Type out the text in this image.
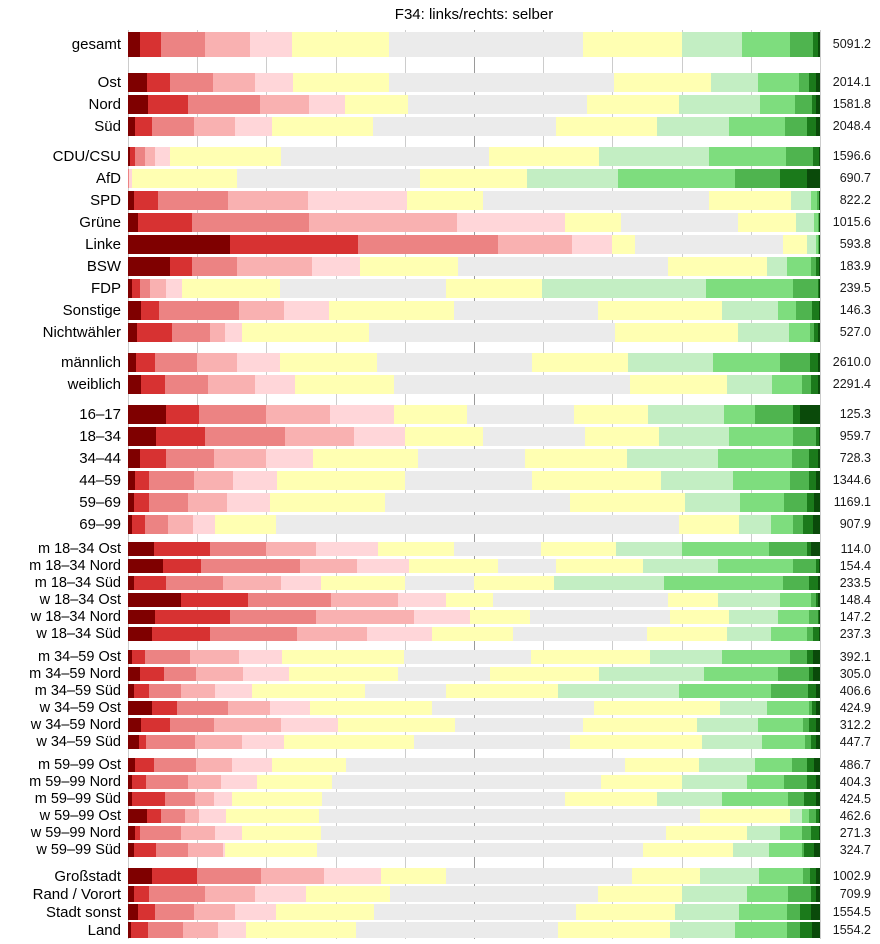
F34: links/rechts: selber
gesamt	5091.2
Ost	2014.1
Nord	1581.8
Süd	2048.4
CDU/CSU	1596.6
AfD	690.7
SPD	822.2
Grüne	1015.6
Linke	593.8
BSW	183.9
FDP	239.5
Sonstige	146.3
Nichtwähler	527.0
männlich	2610.0
weiblich	2291.4
16–17	125.3
18–34	959.7
34–44	728.3
44–59	1344.6
59–69	1169.1
69–99	907.9
m 18–34 Ost	114.0
m 18–34 Nord	154.4
m 18–34 Süd	233.5
w 18–34 Ost	148.4
w 18–34 Nord	147.2
w 18–34 Süd	237.3
m 34–59 Ost	392.1
m 34–59 Nord	305.0
m 34–59 Süd	406.6
w 34–59 Ost	424.9
w 34–59 Nord	312.2
w 34–59 Süd	447.7
m 59–99 Ost	486.7
m 59–99 Nord	404.3
m 59–99 Süd	424.5
w 59–99 Ost	462.6
w 59–99 Nord	271.3
w 59–99 Süd	324.7
Großstadt	1002.9
Rand / Vorort	709.9
Stadt sonst	1554.5
Land	1554.2
